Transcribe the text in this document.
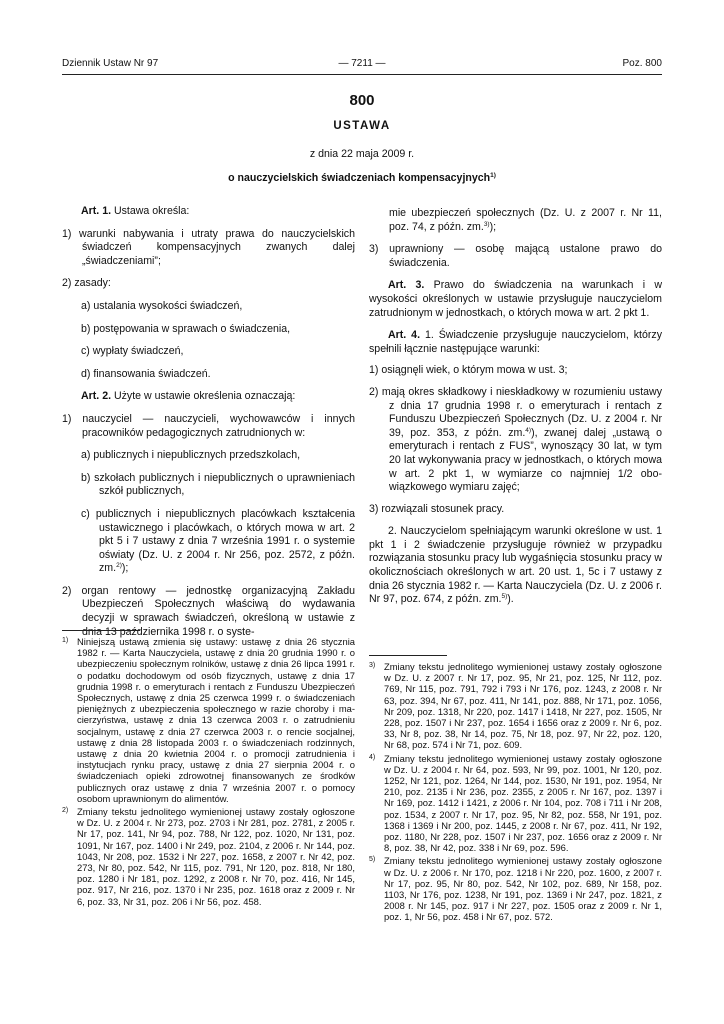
Dziennik Ustaw Nr 97	— 7211 —	Poz. 800
800
USTAWA
z dnia 22 maja 2009 r.
o nauczycielskich świadczeniach kompensacyjnych$^{1)}$

Art. 1. Ustawa określa:

1) warunki nabywania i utraty prawa do nauczycielskich świadczeń kompensacyjnych zwanych dalej „świadczeniami”;

2) zasady:

a) ustalania wysokości świadczeń,

b) postępowania w sprawach o świadczenia,

c) wypłaty świadczeń,

d) finansowania świadczeń.

Art. 2. Użyte w ustawie określenia oznaczają:

1) nauczyciel — nauczycieli, wychowawców i innych pracowników pedagogicznych zatrudnionych w:

a) publicznych i niepublicznych przedszkolach,

b) szkołach publicznych i niepublicznych o uprawnieniach szkół publicznych,

c) publicznych i niepublicznych placówkach kształcenia ustawicznego i placówkach, o których mowa w art. 2 pkt 5 i 7 ustawy z dnia 7 września 1991 r. o systemie oświaty (Dz. U. z 2004 r. Nr 256, poz. 2572, z późn. zm.$^{2)}$);

2) organ rentowy — jednostkę organizacyjną Zakładu Ubezpieczeń Społecznych właściwą do wydawania decyzji w sprawach świadczeń, określoną w ustawie z dnia 13 października 1998 r. o syste-

mie ubezpieczeń społecznych (Dz. U. z 2007 r. Nr 11, poz. 74, z późn. zm.$^{3)}$);

3) uprawniony — osobę mającą ustalone prawo do świadczenia.

Art. 3. Prawo do świadczenia na warunkach i w wysokości określonych w ustawie przysługuje nauczycielom zatrudnionym w jednostkach, o których mowa w art. 2 pkt 1.

Art. 4. 1. Świadczenie przysługuje nauczycielom, którzy spełnili łącznie następujące warunki:

1) osiągnęli wiek, o którym mowa w ust. 3;

2) mają okres składkowy i nieskładkowy w rozumieniu ustawy z dnia 17 grudnia 1998 r. o emeryturach i rentach z Funduszu Ubezpieczeń Społecznych (Dz. U. z 2004 r. Nr 39, poz. 353, z późn. zm.$^{4)}$), zwanej dalej „ustawą o emeryturach i rentach z FUS”, wynoszący 30 lat, w tym 20 lat wykonywania pracy w jednostkach, o których mowa w art. 2 pkt 1, w wymiarze co najmniej 1/2 obowiązkowego wymiaru zajęć;

3) rozwiązali stosunek pracy.

2. Nauczycielom spełniającym warunki określone w ust. 1 pkt 1 i 2 świadczenie przysługuje również w przypadku rozwiązania stosunku pracy lub wygaśnięcia stosunku pracy w okolicznościach określonych w art. 20 ust. 1, 5c i 7 ustawy z dnia 26 stycznia 1982 r. — Karta Nauczyciela (Dz. U. z 2006 r. Nr 97, poz. 674, z późn. zm.$^{5)}$).

1) Niniejszą ustawą zmienia się ustawy: ustawę z dnia 26 stycznia 1982 r. — Karta Nauczyciela, ustawę z dnia 20 grudnia 1990 r. o ubezpieczeniu społecznym rolników, ustawę z dnia 26 lipca 1991 r. o podatku dochodowym od osób fizycznych, ustawę z dnia 17 grudnia 1998 r. o emeryturach i rentach z Funduszu Ubezpieczeń Społecznych, ustawę z dnia 25 czerwca 1999 r. o świadczeniach pieniężnych z ubezpieczenia społecznego w razie choroby i macierzyństwa, ustawę z dnia 13 czerwca 2003 r. o zatrudnieniu socjalnym, ustawę z dnia 27 czerwca 2003 r. o rencie socjalnej, ustawę z dnia 28 listopada 2003 r. o świadczeniach rodzinnych, ustawę z dnia 20 kwietnia 2004 r. o promocji zatrudnienia i instytucjach rynku pracy, ustawę z dnia 27 sierpnia 2004 r. o świadczeniach opieki zdrowotnej finansowanych ze środków publicznych oraz ustawę z dnia 7 września 2007 r. o pomocy osobom uprawnionym do alimentów.

2) Zmiany tekstu jednolitego wymienionej ustawy zostały ogłoszone w Dz. U. z 2004 r. Nr 273, poz. 2703 i Nr 281, poz. 2781, z 2005 r. Nr 17, poz. 141, Nr 94, poz. 788, Nr 122, poz. 1020, Nr 131, poz. 1091, Nr 167, poz. 1400 i Nr 249, poz. 2104, z 2006 r. Nr 144, poz. 1043, Nr 208, poz. 1532 i Nr 227, poz. 1658, z 2007 r. Nr 42, poz. 273, Nr 80, poz. 542, Nr 115, poz. 791, Nr 120, poz. 818, Nr 180, poz. 1280 i Nr 181, poz. 1292, z 2008 r. Nr 70, poz. 416, Nr 145, poz. 917, Nr 216, poz. 1370 i Nr 235, poz. 1618 oraz z 2009 r. Nr 6, poz. 33, Nr 31, poz. 206 i Nr 56, poz. 458.

3) Zmiany tekstu jednolitego wymienionej ustawy zostały ogłoszone w Dz. U. z 2007 r. Nr 17, poz. 95, Nr 21, poz. 125, Nr 112, poz. 769, Nr 115, poz. 791, 792 i 793 i Nr 176, poz. 1243, z 2008 r. Nr 63, poz. 394, Nr 67, poz. 411, Nr 141, poz. 888, Nr 171, poz. 1056, Nr 209, poz. 1318, Nr 220, poz. 1417 i 1418, Nr 227, poz. 1505, Nr 228, poz. 1507 i Nr 237, poz. 1654 i 1656 oraz z 2009 r. Nr 6, poz. 33, Nr 8, poz. 38, Nr 14, poz. 75, Nr 18, poz. 97, Nr 22, poz. 120, Nr 68, poz. 574 i Nr 71, poz. 609.

4) Zmiany tekstu jednolitego wymienionej ustawy zostały ogłoszone w Dz. U. z 2004 r. Nr 64, poz. 593, Nr 99, poz. 1001, Nr 120, poz. 1252, Nr 121, poz. 1264, Nr 144, poz. 1530, Nr 191, poz. 1954, Nr 210, poz. 2135 i Nr 236, poz. 2355, z 2005 r. Nr 167, poz. 1397 i Nr 169, poz. 1412 i 1421, z 2006 r. Nr 104, poz. 708 i 711 i Nr 208, poz. 1534, z 2007 r. Nr 17, poz. 95, Nr 82, poz. 558, Nr 191, poz. 1368 i 1369 i Nr 200, poz. 1445, z 2008 r. Nr 67, poz. 411, Nr 192, poz. 1180, Nr 228, poz. 1507 i Nr 237, poz. 1656 oraz z 2009 r. Nr 8, poz. 38, Nr 42, poz. 338 i Nr 69, poz. 596.

5) Zmiany tekstu jednolitego wymienionej ustawy zostały ogłoszone w Dz. U. z 2006 r. Nr 170, poz. 1218 i Nr 220, poz. 1600, z 2007 r. Nr 17, poz. 95, Nr 80, poz. 542, Nr 102, poz. 689, Nr 158, poz. 1103, Nr 176, poz. 1238, Nr 191, poz. 1369 i Nr 247, poz. 1821, z 2008 r. Nr 145, poz. 917 i Nr 227, poz. 1505 oraz z 2009 r. Nr 1, poz. 1, Nr 56, poz. 458 i Nr 67, poz. 572.
